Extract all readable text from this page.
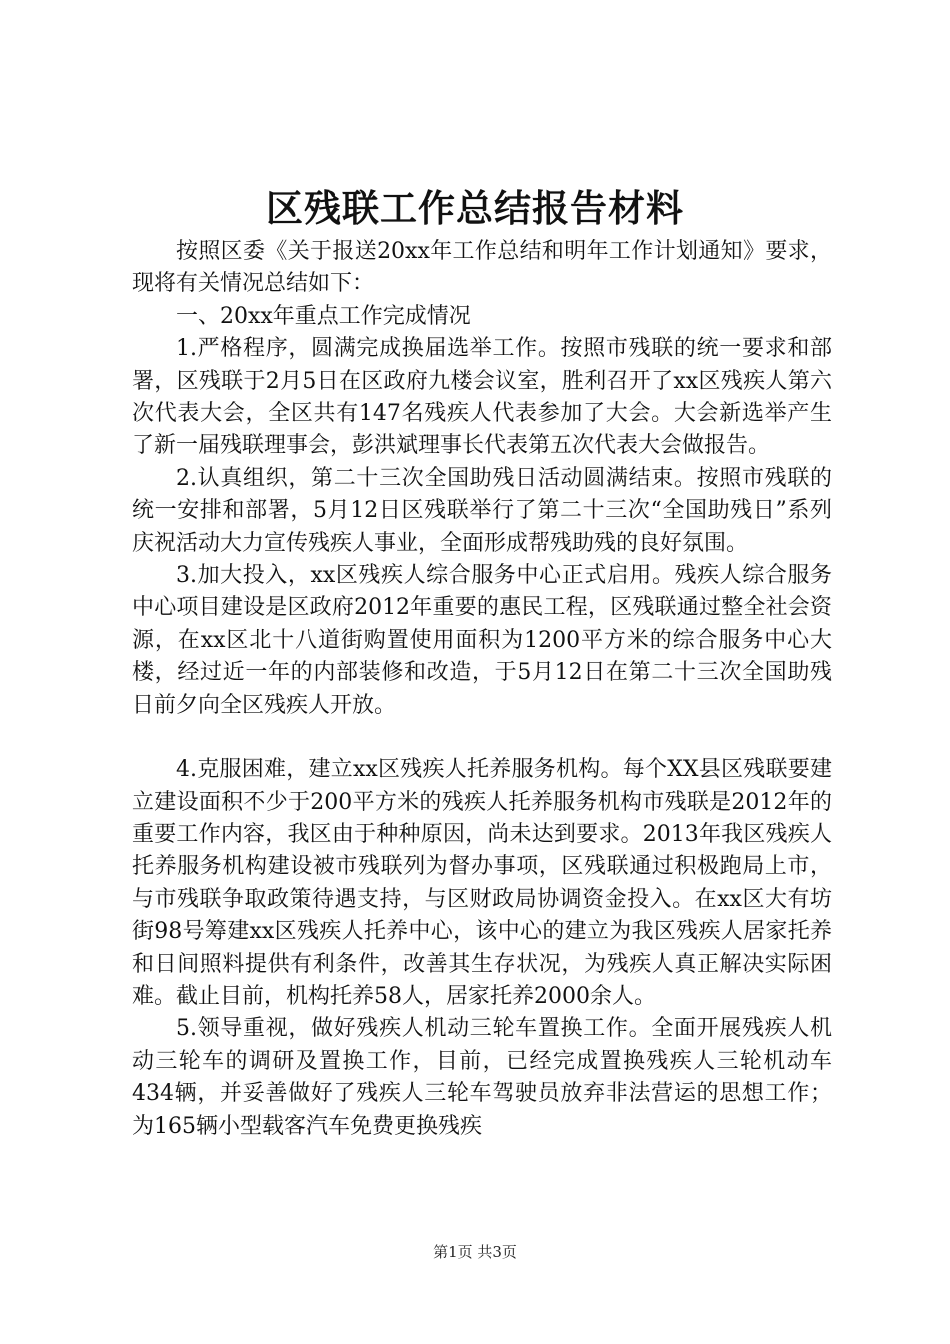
区残联工作总结报告材料

按照区委《关于报送20xx年工作总结和明年工作计划通知》要求，现将有关情况总结如下：

一、20xx年重点工作完成情况

1.严格程序，圆满完成换届选举工作。按照市残联的统一要求和部署，区残联于2月5日在区政府九楼会议室，胜利召开了xx区残疾人第六次代表大会，全区共有147名残疾人代表参加了大会。大会新选举产生了新一届残联理事会，彭洪斌理事长代表第五次代表大会做报告。

2.认真组织，第二十三次全国助残日活动圆满结束。按照市残联的统一安排和部署，5月12日区残联举行了第二十三次“全国助残日”系列庆祝活动大力宣传残疾人事业，全面形成帮残助残的良好氛围。

3.加大投入，xx区残疾人综合服务中心正式启用。残疾人综合服务中心项目建设是区政府2012年重要的惠民工程，区残联通过整全社会资源，在xx区北十八道街购置使用面积为1200平方米的综合服务中心大楼，经过近一年的内部装修和改造，于5月12日在第二十三次全国助残日前夕向全区残疾人开放。

4.克服困难，建立xx区残疾人托养服务机构。每个XX县区残联要建立建设面积不少于200平方米的残疾人托养服务机构市残联是2012年的重要工作内容，我区由于种种原因，尚未达到要求。2013年我区残疾人托养服务机构建设被市残联列为督办事项，区残联通过积极跑局上市，与市残联争取政策待遇支持，与区财政局协调资金投入。在xx区大有坊街98号筹建xx区残疾人托养中心，该中心的建立为我区残疾人居家托养和日间照料提供有利条件，改善其生存状况，为残疾人真正解决实际困难。截止目前，机构托养58人，居家托养2000余人。

5.领导重视，做好残疾人机动三轮车置换工作。全面开展残疾人机动三轮车的调研及置换工作，目前，已经完成置换残疾人三轮机动车434辆，并妥善做好了残疾人三轮车驾驶员放弃非法营运的思想工作；为165辆小型载客汽车免费更换残疾

第1页 共3页
